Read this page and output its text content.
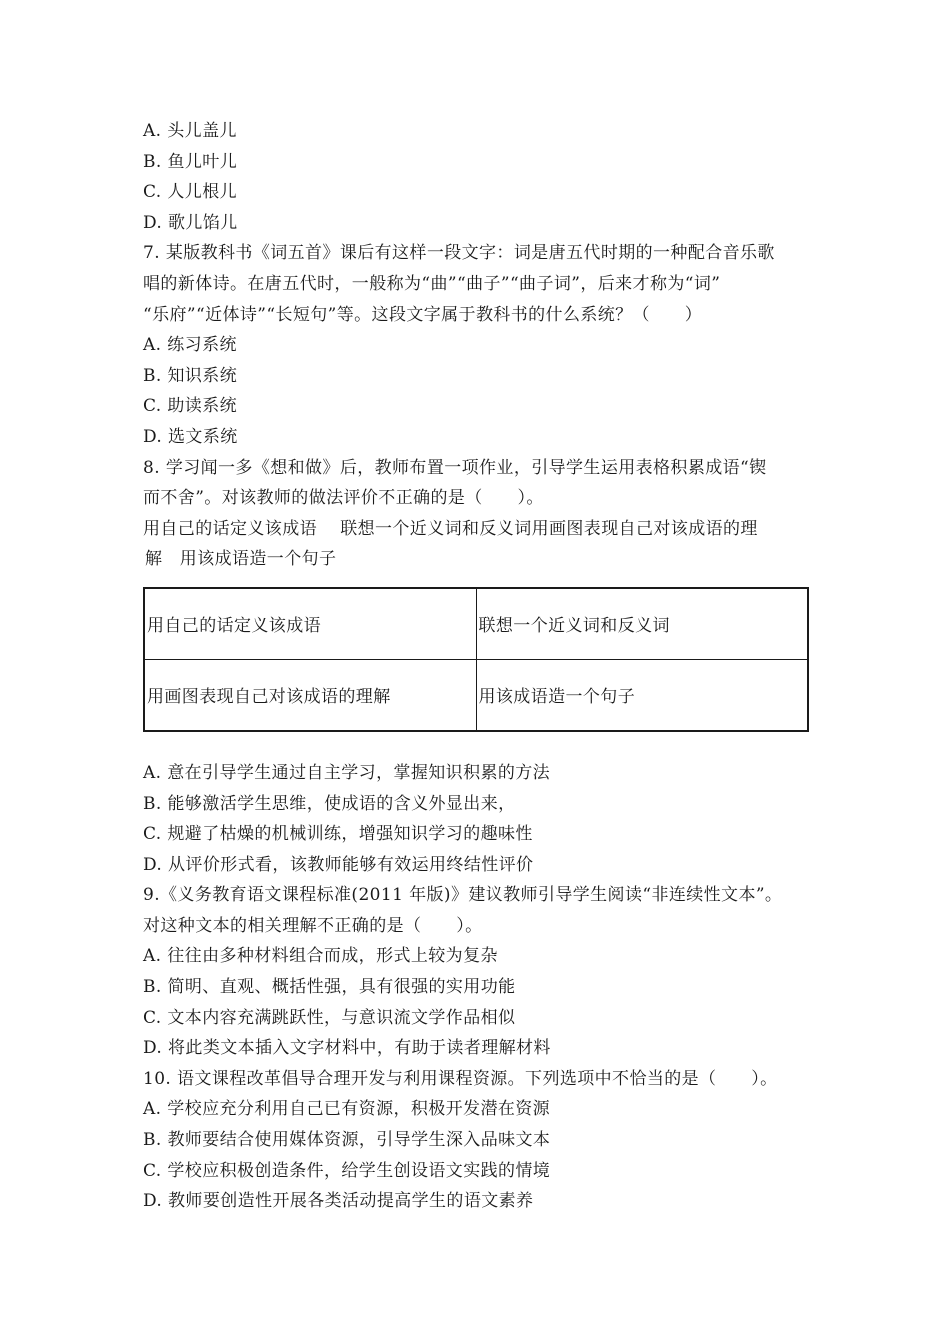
A. 头儿盖儿
B. 鱼儿叶儿
C. 人儿根儿
D. 歌儿馅儿
7. 某版教科书《词五首》课后有这样一段文字：词是唐五代时期的一种配合音乐歌
唱的新体诗。在唐五代时，一般称为“曲”“曲子”“曲子词”，后来才称为“词”
“乐府”“近体诗”“长短句”等。这段文字属于教科书的什么系统？（　　）
A. 练习系统
B. 知识系统
C. 助读系统
D. 选文系统
8. 学习闻一多《想和做》后，教师布置一项作业，引导学生运用表格积累成语“锲
而不舍”。对该教师的做法评价不正确的是（　　）。
用自己的话定义该成语　 联想一个近义词和反义词用画图表现自己对该成语的理
解　用该成语造一个句子
用自己的话定义该成语	联想一个近义词和反义词
用画图表现自己对该成语的理解	用该成语造一个句子
A. 意在引导学生通过自主学习，掌握知识积累的方法
B. 能够激活学生思维，使成语的含义外显出来，
C. 规避了枯燥的机械训练，增强知识学习的趣味性
D. 从评价形式看，该教师能够有效运用终结性评价
9.《义务教育语文课程标准(2011 年版)》建议教师引导学生阅读“非连续性文本”。
对这种文本的相关理解不正确的是（　　）。
A. 往往由多种材料组合而成，形式上较为复杂
B. 简明、直观、概括性强，具有很强的实用功能
C. 文本内容充满跳跃性，与意识流文学作品相似
D. 将此类文本插入文字材料中，有助于读者理解材料
10. 语文课程改革倡导合理开发与利用课程资源。下列选项中不恰当的是（　　）。
A. 学校应充分利用自己已有资源，积极开发潜在资源
B. 教师要结合使用媒体资源，引导学生深入品味文本
C. 学校应积极创造条件，给学生创设语文实践的情境
D. 教师要创造性开展各类活动提高学生的语文素养
